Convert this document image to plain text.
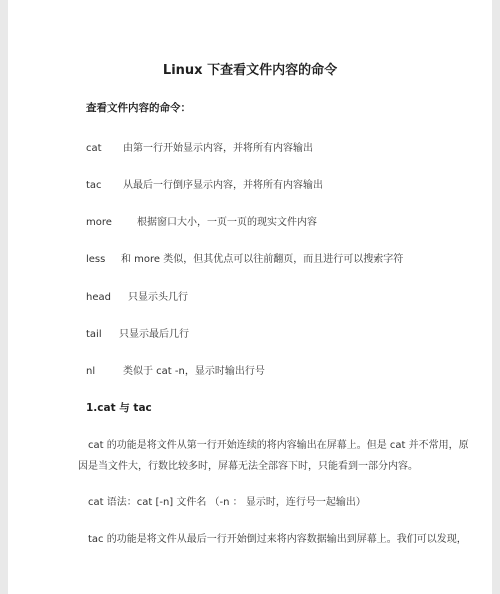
Linux 下查看文件内容的命令
查看文件内容的命令：
cat 由第一行开始显示内容，并将所有内容输出
tac 从最后一行倒序显示内容，并将所有内容输出
more	根据窗口大小，一页一页的现实文件内容
less 和 more 类似，但其优点可以往前翻页，而且进行可以搜索字符
head 只显示头几行
tail 只显示最后几行
nl	类似于 cat -n，显示时输出行号
1.cat 与 tac
cat 的功能是将文件从第一行开始连续的将内容输出在屏幕上。但是 cat 并不常用，原
因是当文件大，行数比较多时，屏幕无法全部容下时，只能看到一部分内容。
cat 语法：cat [-n] 文件名 （-n ： 显示时，连行号一起输出）
tac 的功能是将文件从最后一行开始倒过来将内容数据输出到屏幕上。我们可以发现，
